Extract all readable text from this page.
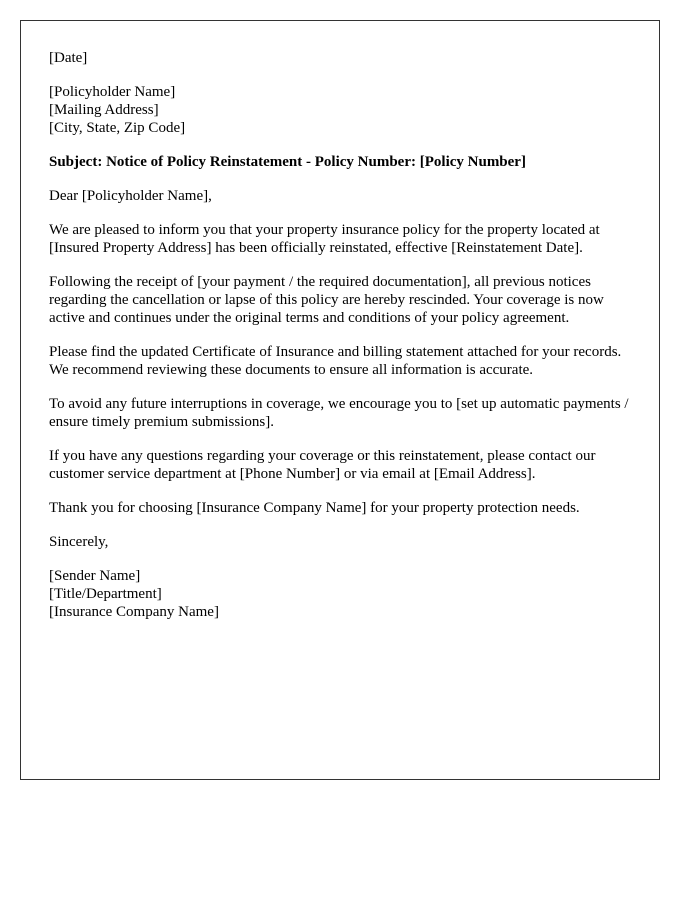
[Date]

[Policyholder Name]
[Mailing Address]
[City, State, Zip Code]

Subject: Notice of Policy Reinstatement - Policy Number: [Policy Number]

Dear [Policyholder Name],

We are pleased to inform you that your property insurance policy for the property located at [Insured Property Address] has been officially reinstated, effective [Reinstatement Date].

Following the receipt of [your payment / the required documentation], all previous notices regarding the cancellation or lapse of this policy are hereby rescinded. Your coverage is now active and continues under the original terms and conditions of your policy agreement.

Please find the updated Certificate of Insurance and billing statement attached for your records. We recommend reviewing these documents to ensure all information is accurate.

To avoid any future interruptions in coverage, we encourage you to [set up automatic payments / ensure timely premium submissions].

If you have any questions regarding your coverage or this reinstatement, please contact our customer service department at [Phone Number] or via email at [Email Address].

Thank you for choosing [Insurance Company Name] for your property protection needs.

Sincerely,

[Sender Name]
[Title/Department]
[Insurance Company Name]
